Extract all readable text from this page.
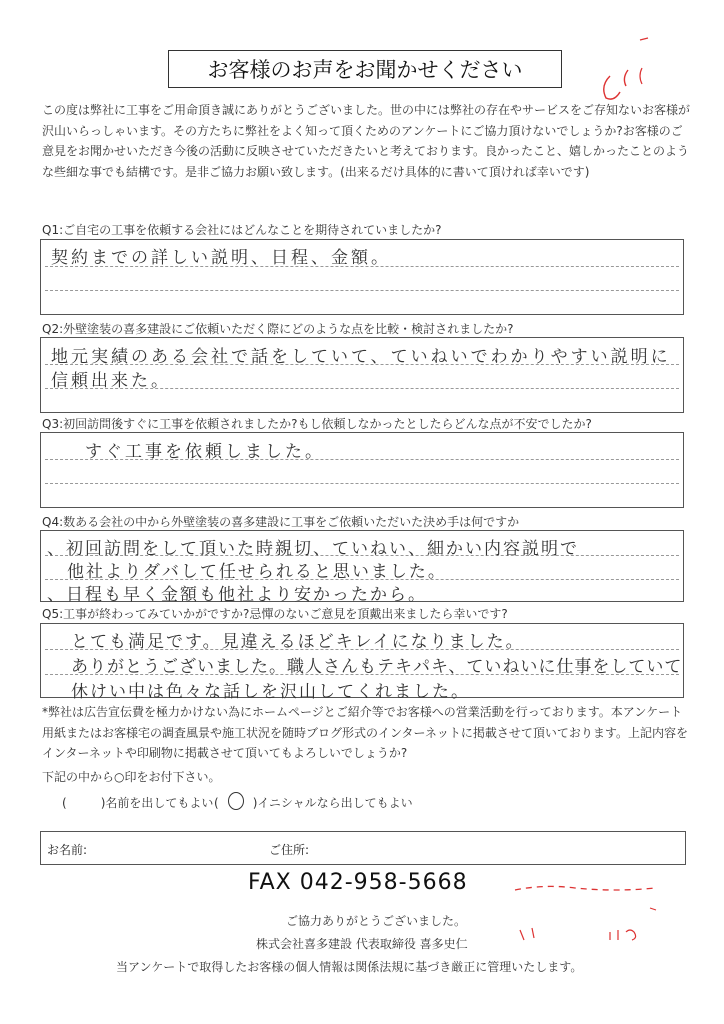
お客様のお声をお聞かせください
この度は弊社に工事をご用命頂き誠にありがとうございました。世の中には弊社の存在やサービスをご存知ないお客様が沢山いらっしゃいます。その方たちに弊社をよく知って頂くためのアンケートにご協力頂けないでしょうか?お客様のご意見をお聞かせいただき今後の活動に反映させていただきたいと考えております。良かったこと、嬉しかったことのような些細な事でも結構です。是非ご協力お願い致します。(出来るだけ具体的に書いて頂ければ幸いです)
Q1:ご自宅の工事を依頼する会社にはどんなことを期待されていましたか?
契約までの詳しい説明、日程、金額。
Q2:外壁塗装の喜多建設にご依頼いただく際にどのような点を比較・検討されましたか?
地元実績のある会社で話をしていて、ていねいでわかりやすい説明に
信頼出来た。
Q3:初回訪問後すぐに工事を依頼されましたか?もし依頼しなかったとしたらどんな点が不安でしたか?
すぐ工事を依頼しました。
Q4:数ある会社の中から外壁塗装の喜多建設に工事をご依頼いただいた決め手は何ですか
、初回訪問をして頂いた時親切、ていねい、細かい内容説明で
他社よりダバして任せられると思いました。
、日程も早く金額も他社より安かったから。
Q5:工事が終わってみていかがですか?忌憚のないご意見を頂戴出来ましたら幸いです?
とても満足です。見違えるほどキレイになりました。
ありがとうございました。職人さんもテキパキ、ていねいに仕事をしていて
休けい中は色々な話しを沢山してくれました。
*弊社は広告宣伝費を極力かけない為にホームページとご紹介等でお客様への営業活動を行っております。本アンケート用紙またはお客様宅の調査風景や施工状況を随時ブログ形式のインターネットに掲載させて頂いております。上記内容をインターネットや印刷物に掲載させて頂いてもよろしいでしょうか?
下記の中から○印をお付下さい。
(	)名前を出してもよい (	)イニシャルなら出してもよい
お名前:	ご住所:
FAX 042-958-5668
ご協力ありがとうございました。
株式会社喜多建設 代表取締役 喜多史仁
当アンケートで取得したお客様の個人情報は関係法規に基づき厳正に管理いたします。
